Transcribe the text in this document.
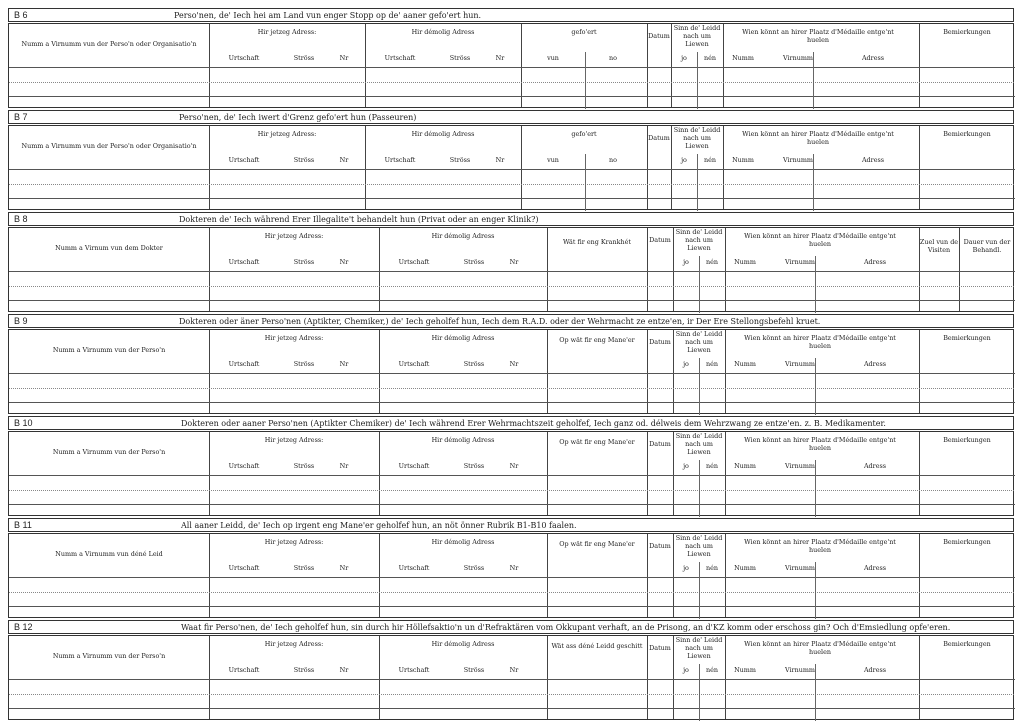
B 6	Perso'nen, de' Iech hei am Land vun enger Stopp op de' aaner gefo'ert hun.
Numm a Virnumm vun der Perso'n oder Organisatio'n
Hir jetzeg Adress:
Urtschaft	Ströss	Nr
Hir démolig Adress
Urtschaft	Ströss	Nr
gefo'ert
vun	no
Datum
Sinn de' Leidd nach um Liewen
jo	nén
Wien könnt an hirer Plaatz d'Médaille entge'nt huelen
Numm	Virnumm	Adress
Bemierkungen
B 7	Perso'nen, de' Iech iwert d'Grenz gefo'ert hun (Passeuren)
Numm a Virnumm vun der Perso'n oder Organisatio'n
Hir jetzeg Adress:
Urtschaft	Ströss	Nr
Hir démolig Adress
Urtschaft	Ströss	Nr
gefo'ert
vun	no
Datum
Sinn de' Leidd nach um Liewen
jo	nén
Wien könnt an hirer Plaatz d'Médaille entge'nt huelen
Numm	Virnumm	Adress
Bemierkungen
B 8	Dokteren de' Iech während Erer Illegalite't behandelt hun (Privat oder an enger Klinik?)
Numm a Virnum vun dem Dokter
Hir jetzeg Adress:
Urtschaft	Ströss	Nr
Hir démolig Adress
Urtschaft	Ströss	Nr
Wät fir eng Krankhét	Datum
Sinn de' Leidd nach um Liewen
jo	nén
Wien könnt an hirer Plaatz d'Médaille entge'nt huelen
Numm	Virnumm	Adress
Zuel vun de Visiten
Dauer vun der Behandl.
B 9	Dokteren oder äner Perso'nen (Aptikter, Chemiker,) de' Iech geholfef hun, Iech dem R.A.D. oder der Wehrmacht ze entze'en, ir Der Ere Stellongsbefehl kruet.
Numm a Virnumm vun der Perso'n
Hir jetzeg Adress:
Urtschaft	Ströss	Nr
Hir démolig Adress
Urtschaft	Ströss	Nr
Op wät fir eng Mane'er	Datum
Sinn de' Leidd nach um Liewen
jo	nén
Wien könnt an hirer Plaatz d'Médaille entge'nt huelen
Numm	Virnumm	Adress
Bemierkungen
B 10	Dokteren oder aaner Perso'nen (Aptikter Chemiker) de' Iech während Erer Wehrmachtszeit geholfef, Iech ganz od. délweis dem Wehrzwang ze entze'en. z. B. Medikamenter.
Numm a Virnumm vun der Perso'n
Hir jetzeg Adress:
Urtschaft	Ströss	Nr
Hir démolig Adress
Urtschaft	Ströss	Nr
Op wät fir eng Mane'er	Datum
Sinn de' Leidd nach um Liewen
jo	nén
Wien könnt an hirer Plaatz d'Médaille entge'nt huelen
Numm	Virnumm	Adress
Bemierkungen
B 11	All aaner Leidd, de' Iech op irgent eng Mane'er geholfef hun, an nöt önner Rubrik B1-B10 faalen.
Numm a Virnumm vun déné Leid
Hir jetzeg Adress:
Urtschaft	Ströss	Nr
Hir démolig Adress
Urtschaft	Ströss	Nr
Op wät fir eng Mane'er	Datum
Sinn de' Leidd nach um Liewen
jo	nén
Wien könnt an hirer Plaatz d'Médaille entge'nt huelen
Numm	Virnumm	Adress
Bemierkungen
B 12	Waat fir Perso'nen, de' Iech geholfef hun, sin durch hir Höllefsaktio'n un d'Refraktären vom Okkupant verhaft, an de Prisong, an d'KZ komm oder erschoss gin? Och d'Emsiedlung opfe'eren.
Numm a Virnumm vun der Perso'n
Hir jetzeg Adress:
Urtschaft	Ströss	Nr
Hir démolig Adress
Urtschaft	Ströss	Nr
Wät ass déné Leidd geschitt	Datum
Sinn de' Leidd nach um Liewen
jo	nén
Wien könnt an hirer Plaatz d'Médaille entge'nt huelen
Numm	Virnumm	Adress
Bemierkungen
